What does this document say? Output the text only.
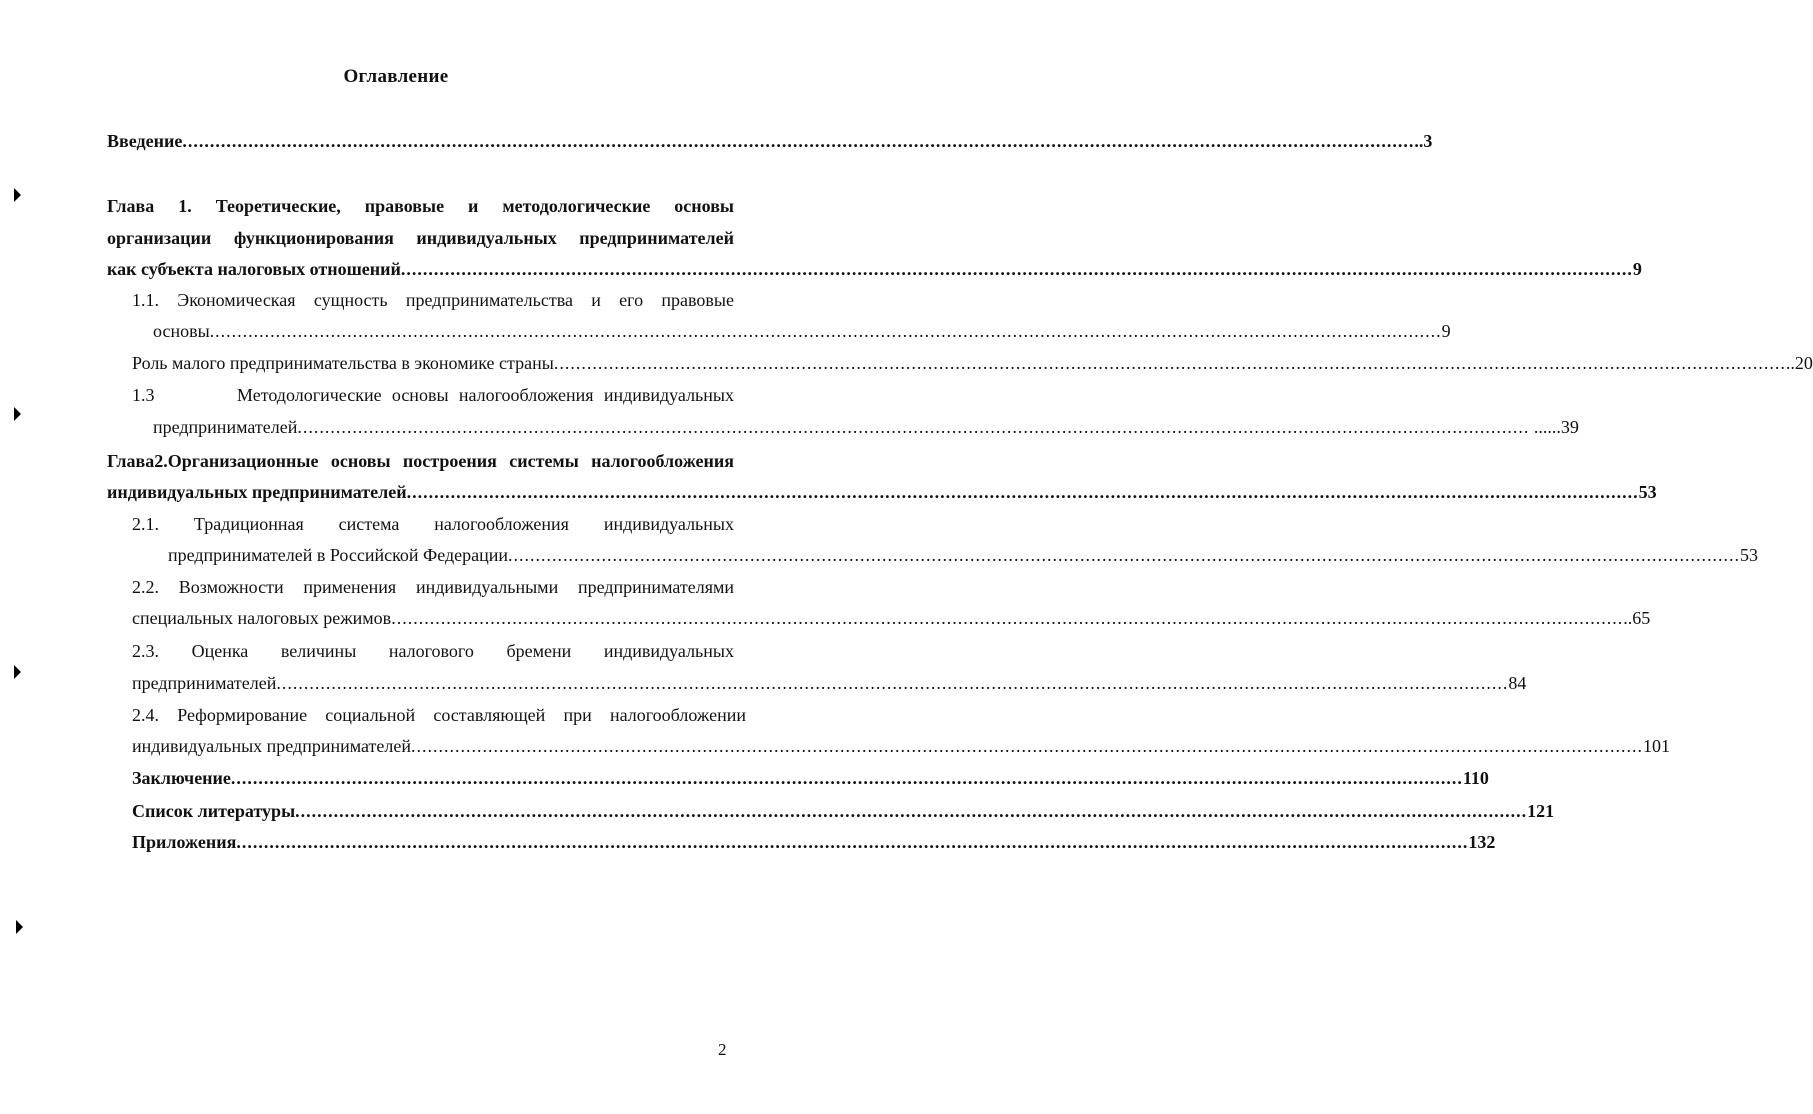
Оглавление
Введение ................................................................................................................................................................................................................................ ..3
Глава 1. Теоретические, правовые и методологические основы
организации функционирования индивидуальных предпринимателей
как субъекта налоговых отношений ................................................................................................................................................................................................................................ 9
1.1. Экономическая сущность предпринимательства и его правовые
основы ................................................................................................................................................................................................................................ 9
Роль малого предпринимательства в экономике страны ................................................................................................................................................................................................................................ ..20
1.3        Методологические основы налогообложения индивидуальных
предпринимателей ................................................................................................................................................................................................................................ ......39
Глава2.Организационные основы построения системы налогообложения
индивидуальных предпринимателей ................................................................................................................................................................................................................................ 53
2.1.      Традиционная      система      налогообложения      индивидуальных
предпринимателей в Российской Федерации ................................................................................................................................................................................................................................ 53
2.2. Возможности применения индивидуальными предпринимателями
специальных налоговых режимов ................................................................................................................................................................................................................................ ..65
2.3.    Оценка    величины    налогового    бремени    индивидуальных
предпринимателей ................................................................................................................................................................................................................................ 84
2.4. Реформирование социальной составляющей при налогообложении
индивидуальных предпринимателей ................................................................................................................................................................................................................................ 101
Заключение ................................................................................................................................................................................................................................ 110
Список литературы ................................................................................................................................................................................................................................ 121
Приложения ................................................................................................................................................................................................................................ 132
2
